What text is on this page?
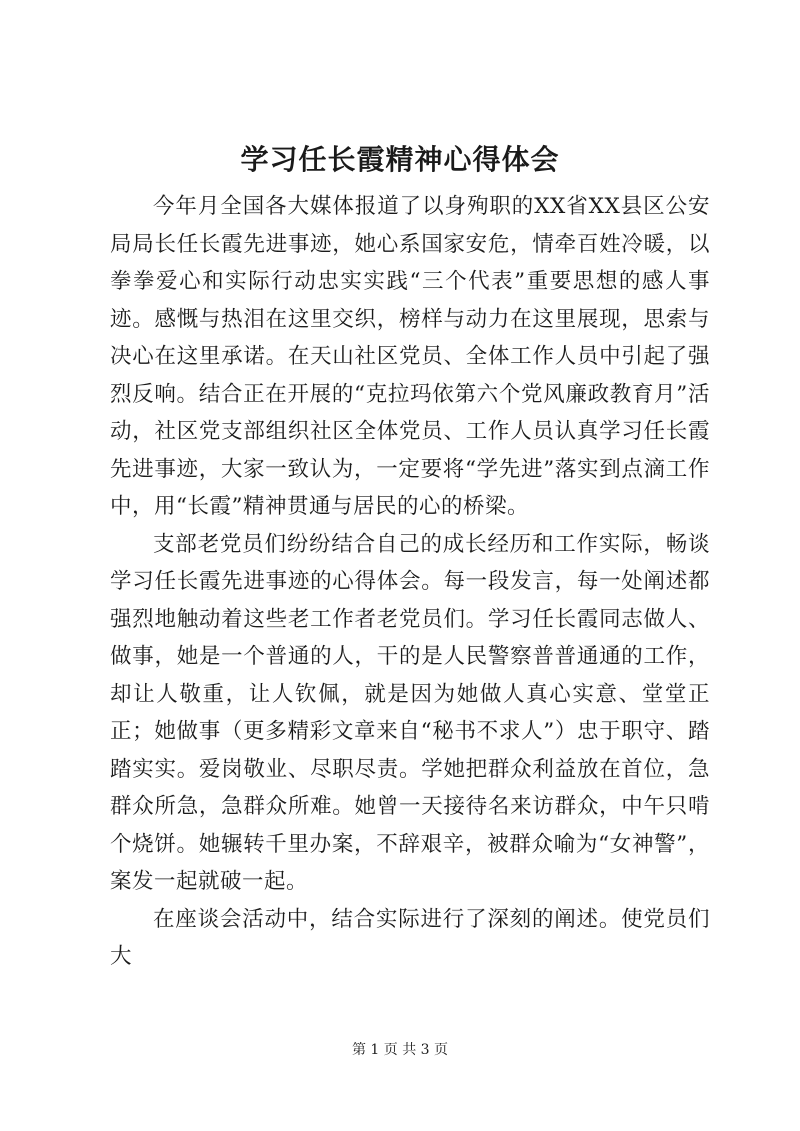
学习任长霞精神心得体会

今年月全国各大媒体报道了以身殉职的XX省XX县区公安局局长任长霞先进事迹，她心系国家安危，情牵百姓冷暖，以拳拳爱心和实际行动忠实实践“三个代表”重要思想的感人事迹。感慨与热泪在这里交织，榜样与动力在这里展现，思索与决心在这里承诺。在天山社区党员、全体工作人员中引起了强烈反响。结合正在开展的“克拉玛依第六个党风廉政教育月”活动，社区党支部组织社区全体党员、工作人员认真学习任长霞先进事迹，大家一致认为，一定要将“学先进”落实到点滴工作中，用“长霞”精神贯通与居民的心的桥梁。

支部老党员们纷纷结合自己的成长经历和工作实际，畅谈学习任长霞先进事迹的心得体会。每一段发言，每一处阐述都强烈地触动着这些老工作者老党员们。学习任长霞同志做人、做事，她是一个普通的人，干的是人民警察普普通通的工作，却让人敬重，让人钦佩，就是因为她做人真心实意、堂堂正正；她做事（更多精彩文章来自“秘书不求人”）忠于职守、踏踏实实。爱岗敬业、尽职尽责。学她把群众利益放在首位，急群众所急，急群众所难。她曾一天接待名来访群众，中午只啃个烧饼。她辗转千里办案，不辞艰辛，被群众喻为“女神警”，案发一起就破一起。

在座谈会活动中，结合实际进行了深刻的阐述。使党员们大

第 1 页 共 3 页
